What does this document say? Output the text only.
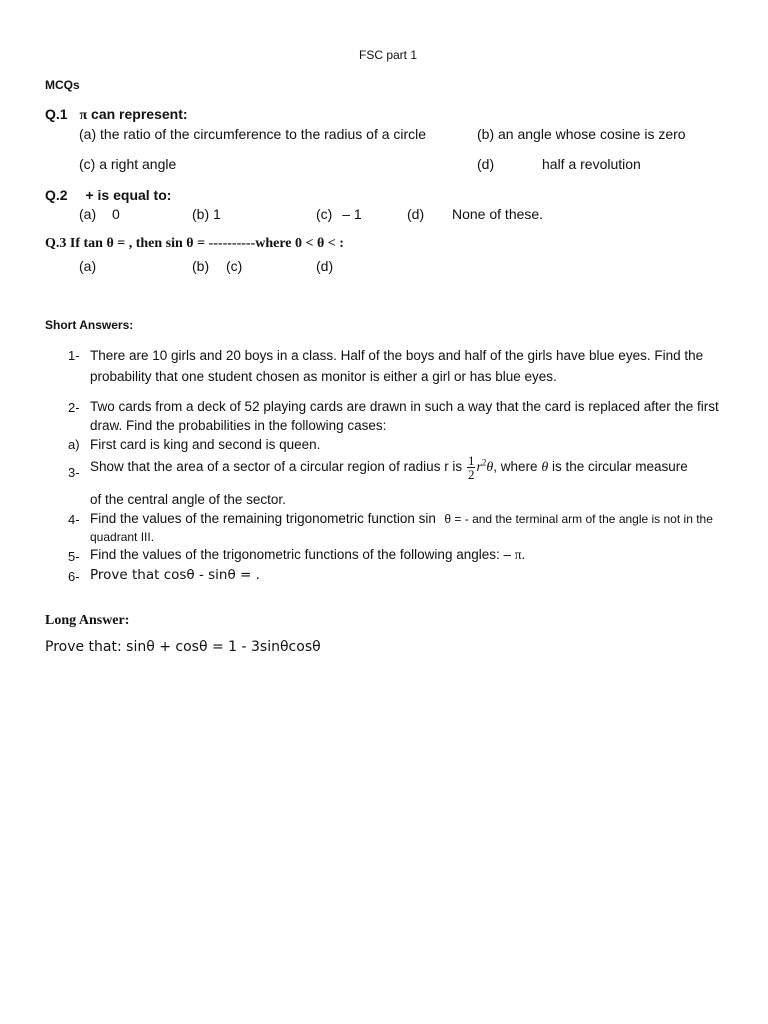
FSC part 1
MCQs
Q.1 π can represent:
(a) the ratio of the circumference to the radius of a circle	(b) an angle whose cosine is zero
(c) a right angle	(d)	half a revolution
Q.2 + is equal to:
(a) 0	(b) 1	(c) – 1	(d) None of these.
Q.3 If tan θ = , then sin θ = ----------where 0 < θ < :
(a)	(b) (c)	(d)
Short Answers:
1- There are 10 girls and 20 boys in a class. Half of the boys and half of the girls have blue eyes. Find the probability that one student chosen as monitor is either a girl or has blue eyes.
2- Two cards from a deck of 52 playing cards are drawn in such a way that the card is replaced after the first draw. Find the probabilities in the following cases:
a) First card is king and second is queen.
3- Show that the area of a sector of a circular region of radius r is $\frac{1}{2} r^2\theta$, where θ is the circular measure
of the central angle of the sector.
4- Find the values of the remaining trigonometric function sin θ = - and the terminal arm of the angle is not in the quadrant III.
5- Find the values of the trigonometric functions of the following angles: – π.
6- Prove that cosθ - sinθ = .
Long Answer:
Prove that: sinθ + cosθ = 1 - 3sinθcosθ
